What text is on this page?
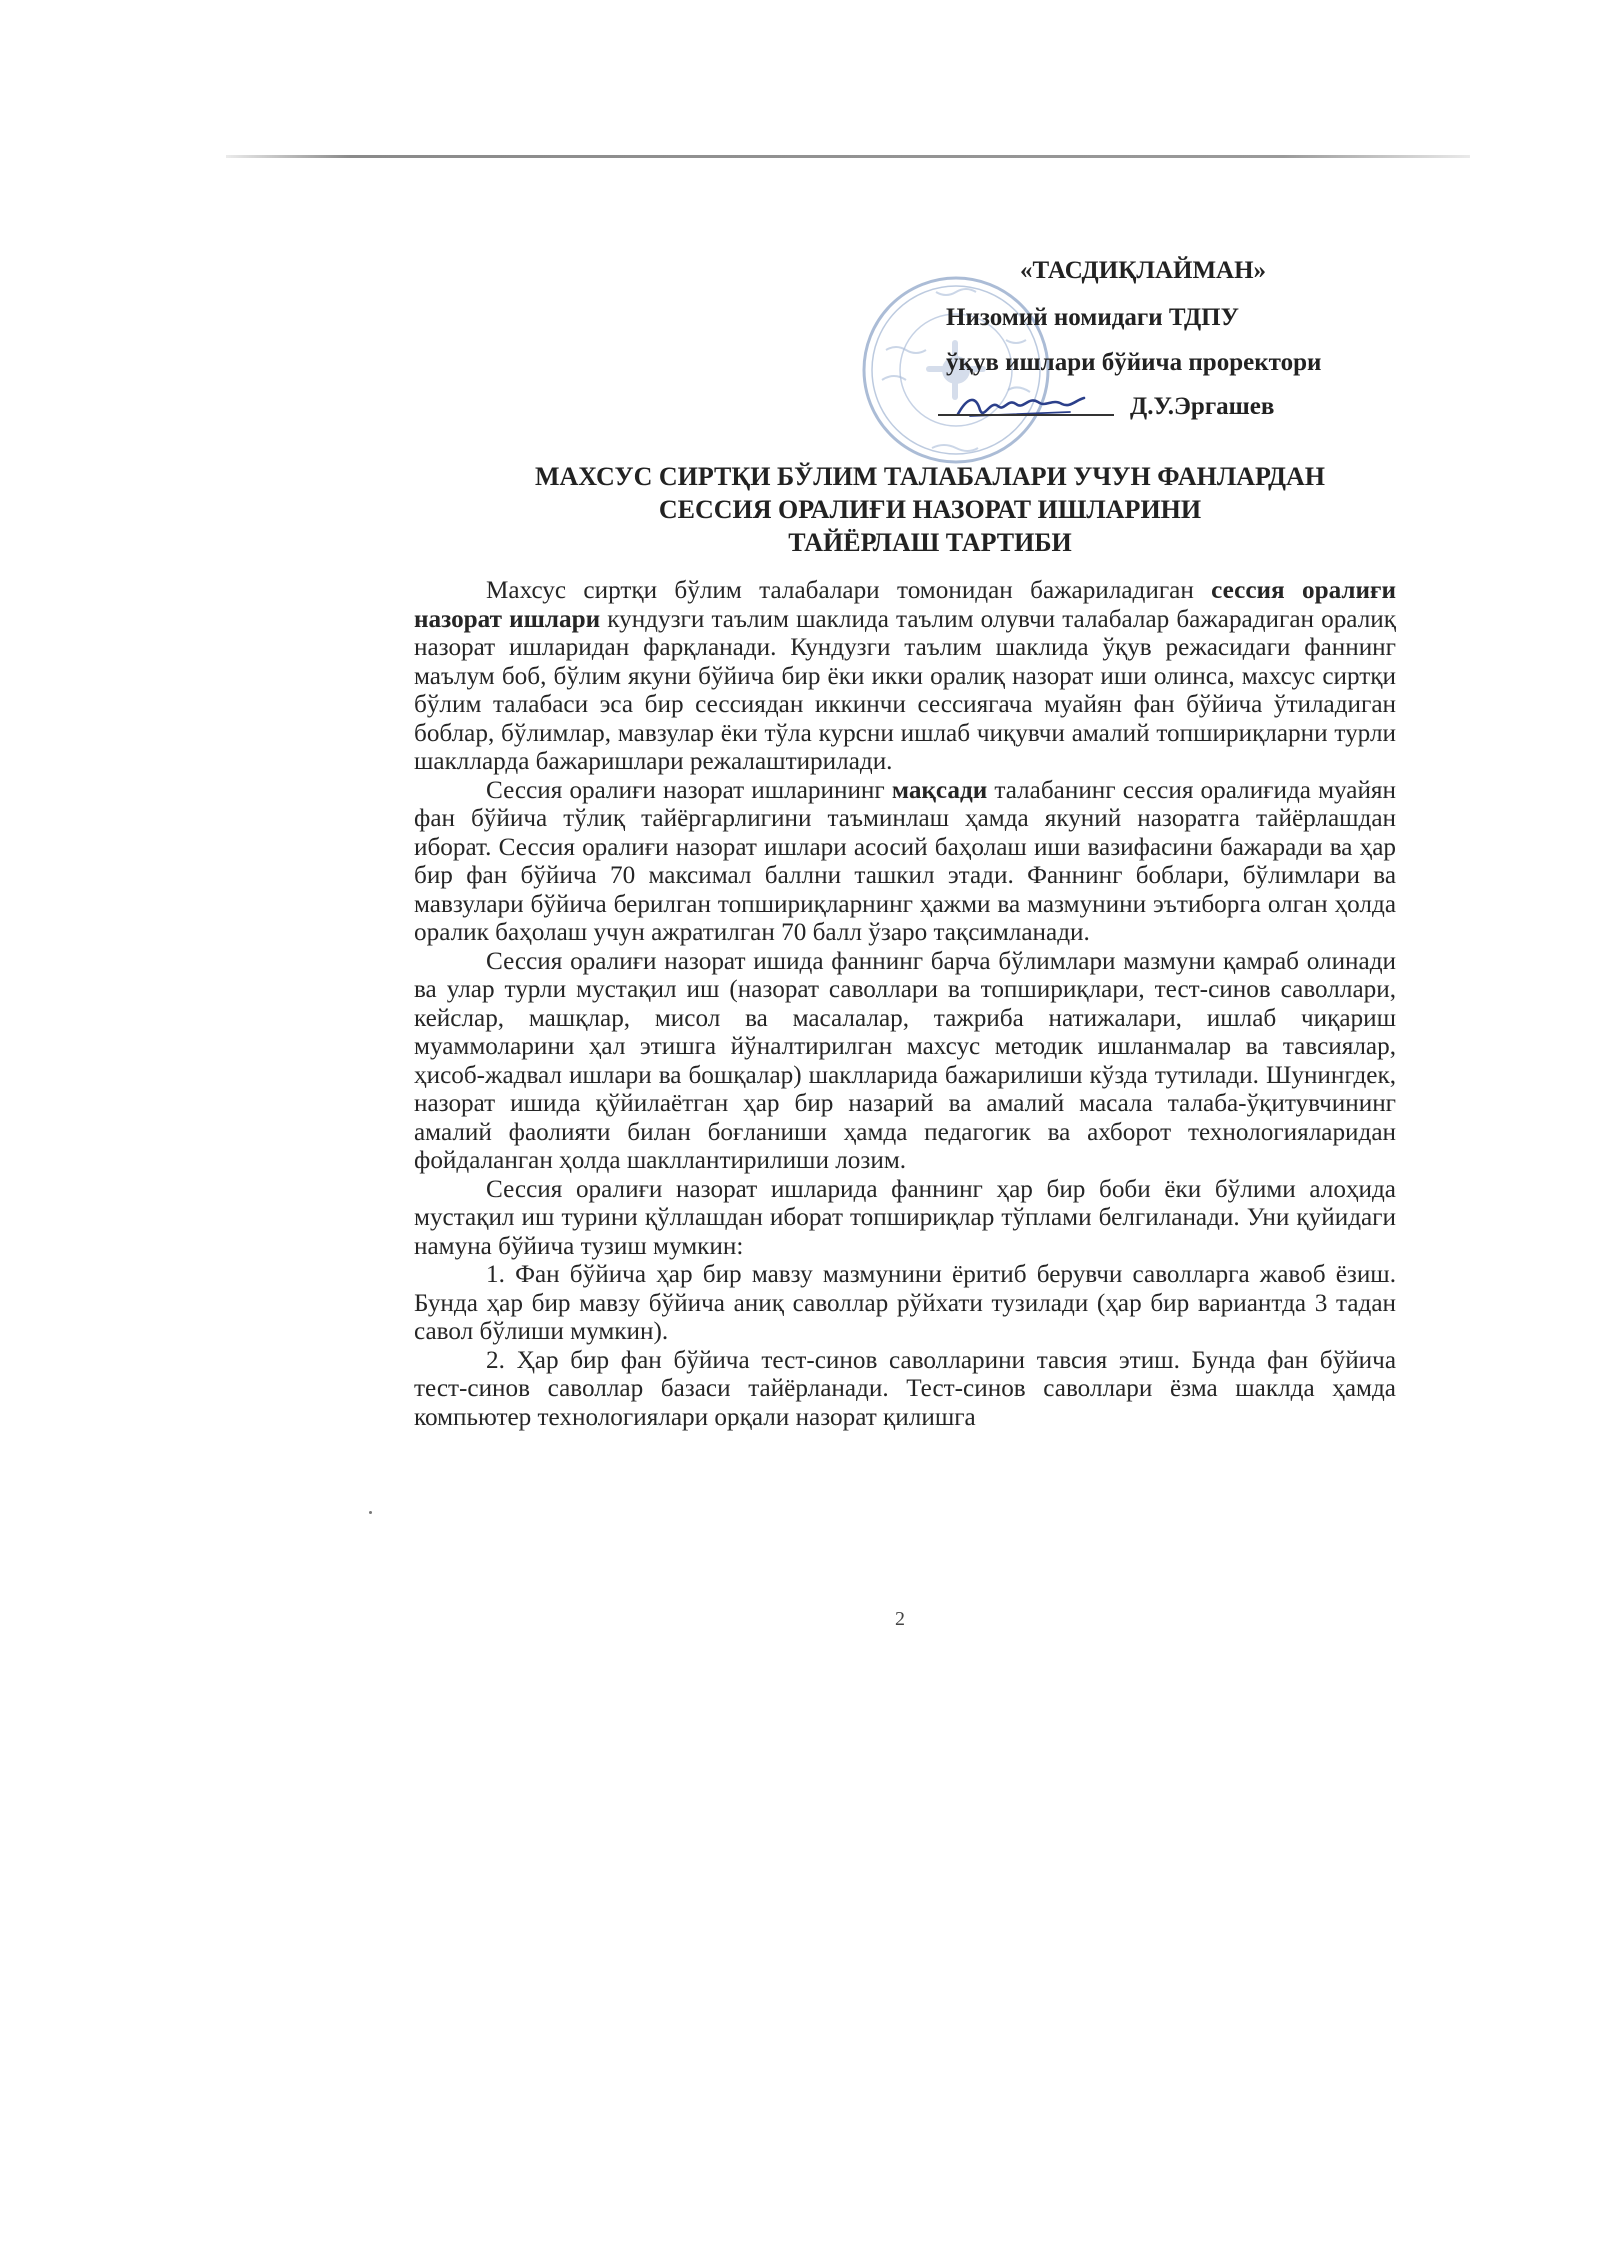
«ТАСДИҚЛАЙМАН»
Низомий номидаги ТДПУ
ўқув ишлари бўйича проректори
Д.У.Эргашев
МАХСУС СИРТҚИ БЎЛИМ ТАЛАБАЛАРИ УЧУН ФАНЛАРДАН
СЕССИЯ ОРАЛИҒИ НАЗОРАТ ИШЛАРИНИ
ТАЙЁРЛАШ ТАРТИБИ

Махсус сиртқи бўлим талабалари томонидан бажариладиган сессия оралиғи назорат ишлари кундузги таълим шаклида таълим олувчи талабалар бажарадиган оралиқ назорат ишларидан фарқланади. Кундузги таълим шаклида ўқув режасидаги фаннинг маълум боб, бўлим якуни бўйича бир ёки икки оралиқ назорат иши олинса, махсус сиртқи бўлим талабаси эса бир сессиядан иккинчи сессиягача муайян фан бўйича ўтиладиган боблар, бўлимлар, мавзулар ёки тўла курсни ишлаб чиқувчи амалий топшириқларни турли шаклларда бажаришлари режалаштирилади.

Сессия оралиғи назорат ишларининг мақсади талабанинг сессия оралиғида муайян фан бўйича тўлиқ тайёргарлигини таъминлаш ҳамда якуний назоратга тайёрлашдан иборат. Сессия оралиғи назорат ишлари асосий баҳолаш иши вазифасини бажаради ва ҳар бир фан бўйича 70 максимал баллни ташкил этади. Фаннинг боблари, бўлимлари ва мавзулари бўйича берилган топшириқларнинг ҳажми ва мазмунини эътиборга олган ҳолда оралик баҳолаш учун ажратилган 70 балл ўзаро тақсимланади.

Сессия оралиғи назорат ишида фаннинг барча бўлимлари мазмуни қамраб олинади ва улар турли мустақил иш (назорат саволлари ва топшириқлари, тест-синов саволлари, кейслар, машқлар, мисол ва масалалар, тажриба натижалари, ишлаб чиқариш муаммоларини ҳал этишга йўналтирилган махсус методик ишланмалар ва тавсиялар, ҳисоб-жадвал ишлари ва бошқалар) шаклларида бажарилиши кўзда тутилади. Шунингдек, назорат ишида қўйилаётган ҳар бир назарий ва амалий масала талаба-ўқитувчининг амалий фаолияти билан боғланиши ҳамда педагогик ва ахборот технологияларидан фойдаланган ҳолда шакллантирилиши лозим.

Сессия оралиғи назорат ишларида фаннинг ҳар бир боби ёки бўлими алоҳида мустақил иш турини қўллашдан иборат топшириқлар тўплами белгиланади. Уни қуйидаги намуна бўйича тузиш мумкин:

1. Фан бўйича ҳар бир мавзу мазмунини ёритиб берувчи саволларга жавоб ёзиш. Бунда ҳар бир мавзу бўйича аниқ саволлар рўйхати тузилади (ҳар бир вариантда 3 тадан савол бўлиши мумкин).

2. Ҳар бир фан бўйича тест-синов саволларини тавсия этиш. Бунда фан бўйича тест-синов саволлар базаси тайёрланади. Тест-синов саволлари ёзма шаклда ҳамда компьютер технологиялари орқали назорат қилишга

2
